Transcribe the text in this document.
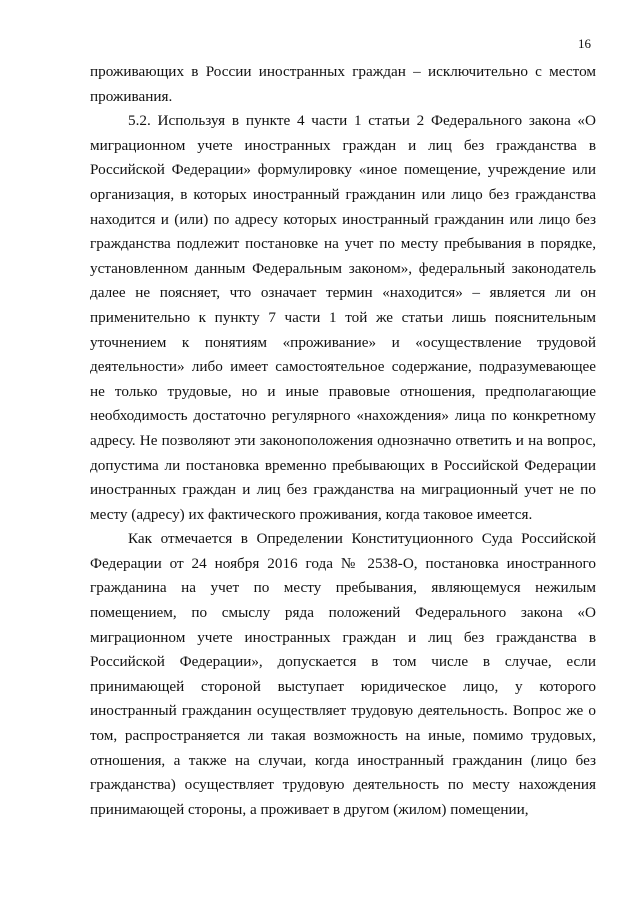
16

проживающих в России иностранных граждан – исключительно с местом проживания.

5.2. Используя в пункте 4 части 1 статьи 2 Федерального закона «О миграционном учете иностранных граждан и лиц без гражданства в Российской Федерации» формулировку «иное помещение, учреждение или организация, в которых иностранный гражданин или лицо без гражданства находится и (или) по адресу которых иностранный гражданин или лицо без гражданства подлежит постановке на учет по месту пребывания в порядке, установленном данным Федеральным законом», федеральный законодатель далее не поясняет, что означает термин «находится» – является ли он применительно к пункту 7 части 1 той же статьи лишь пояснительным уточнением к понятиям «проживание» и «осуществление трудовой деятельности» либо имеет самостоятельное содержание, подразумевающее не только трудовые, но и иные правовые отношения, предполагающие необходимость достаточно регулярного «нахождения» лица по конкретному адресу. Не позволяют эти законоположения однозначно ответить и на вопрос, допустима ли постановка временно пребывающих в Российской Федерации иностранных граждан и лиц без гражданства на миграционный учет не по месту (адресу) их фактического проживания, когда таковое имеется.

Как отмечается в Определении Конституционного Суда Российской Федерации от 24 ноября 2016 года № 2538-О, постановка иностранного гражданина на учет по месту пребывания, являющемуся нежилым помещением, по смыслу ряда положений Федерального закона «О миграционном учете иностранных граждан и лиц без гражданства в Российской Федерации», допускается в том числе в случае, если принимающей стороной выступает юридическое лицо, у которого иностранный гражданин осуществляет трудовую деятельность. Вопрос же о том, распространяется ли такая возможность на иные, помимо трудовых, отношения, а также на случаи, когда иностранный гражданин (лицо без гражданства) осуществляет трудовую деятельность по месту нахождения принимающей стороны, а проживает в другом (жилом) помещении,
